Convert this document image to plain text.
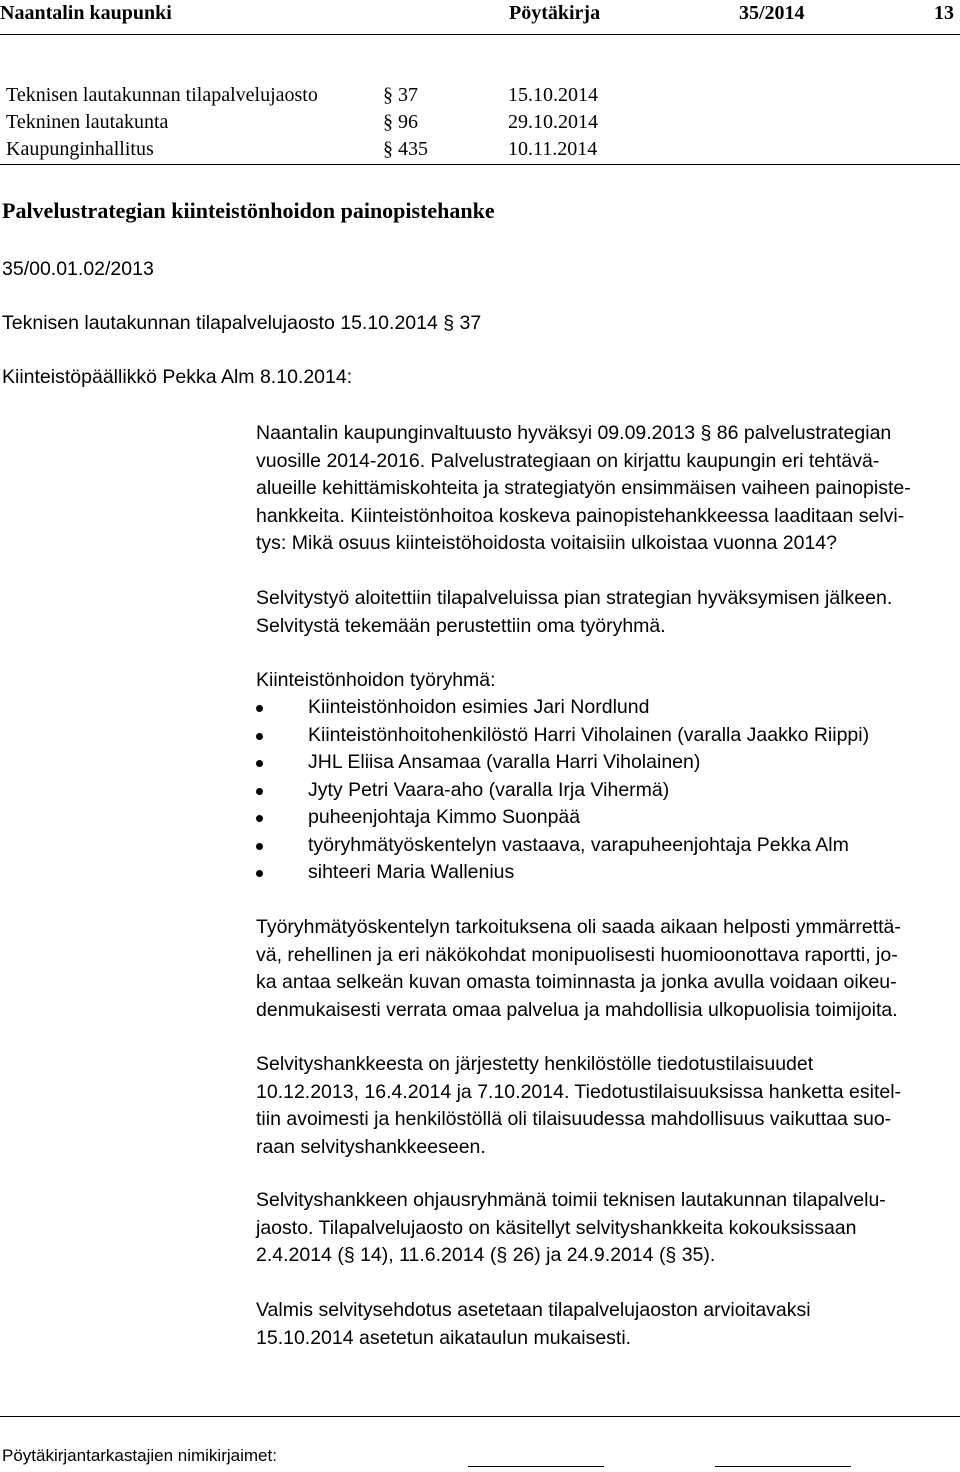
Naantalin kaupunki	Pöytäkirja	35/2014	13
Teknisen lautakunnan tilapalvelujaosto	§ 37	15.10.2014
Tekninen lautakunta	§ 96	29.10.2014
Kaupunginhallitus	§ 435	10.11.2014
Palvelustrategian kiinteistönhoidon painopistehanke
35/00.01.02/2013
Teknisen lautakunnan tilapalvelujaosto 15.10.2014 § 37
Kiinteistöpäällikkö Pekka Alm 8.10.2014:

Naantalin kaupunginvaltuusto hyväksyi 09.09.2013 § 86 palvelustrategian

vuosille 2014-2016. Palvelustrategiaan on kirjattu kaupungin eri tehtävä-

alueille kehittämiskohteita ja strategiatyön ensimmäisen vaiheen painopiste-

hankkeita. Kiinteistönhoitoa koskeva painopistehankkeessa laaditaan selvi-

tys: Mikä osuus kiinteistöhoidosta voitaisiin ulkoistaa vuonna 2014?

Selvitystyö aloitettiin tilapalveluissa pian strategian hyväksymisen jälkeen.

Selvitystä tekemään perustettiin oma työryhmä.

Kiinteistönhoidon työryhmä:
Kiinteistönhoidon esimies Jari Nordlund
Kiinteistönhoitohenkilöstö Harri Viholainen (varalla Jaakko Riippi)
JHL Eliisa Ansamaa (varalla Harri Viholainen)
Jyty Petri Vaara-aho (varalla Irja Vihermä)
puheenjohtaja Kimmo Suonpää
työryhmätyöskentelyn vastaava, varapuheenjohtaja Pekka Alm
sihteeri Maria Wallenius

Työryhmätyöskentelyn tarkoituksena oli saada aikaan helposti ymmärrettä-

vä, rehellinen ja eri näkökohdat monipuolisesti huomioonottava raportti, jo-

ka antaa selkeän kuvan omasta toiminnasta ja jonka avulla voidaan oikeu-

denmukaisesti verrata omaa palvelua ja mahdollisia ulkopuolisia toimijoita.

Selvityshankkeesta on järjestetty henkilöstölle tiedotustilaisuudet

10.12.2013, 16.4.2014 ja 7.10.2014. Tiedotustilaisuuksissa hanketta esitel-

tiin avoimesti ja henkilöstöllä oli tilaisuudessa mahdollisuus vaikuttaa suo-

raan selvityshankkeeseen.

Selvityshankkeen ohjausryhmänä toimii teknisen lautakunnan tilapalvelu-

jaosto. Tilapalvelujaosto on käsitellyt selvityshankkeita kokouksissaan

2.4.2014 (§ 14), 11.6.2014 (§ 26) ja 24.9.2014 (§ 35).

Valmis selvitysehdotus asetetaan tilapalvelujaoston arvioitavaksi

15.10.2014 asetetun aikataulun mukaisesti.

Pöytäkirjantarkastajien nimikirjaimet:
